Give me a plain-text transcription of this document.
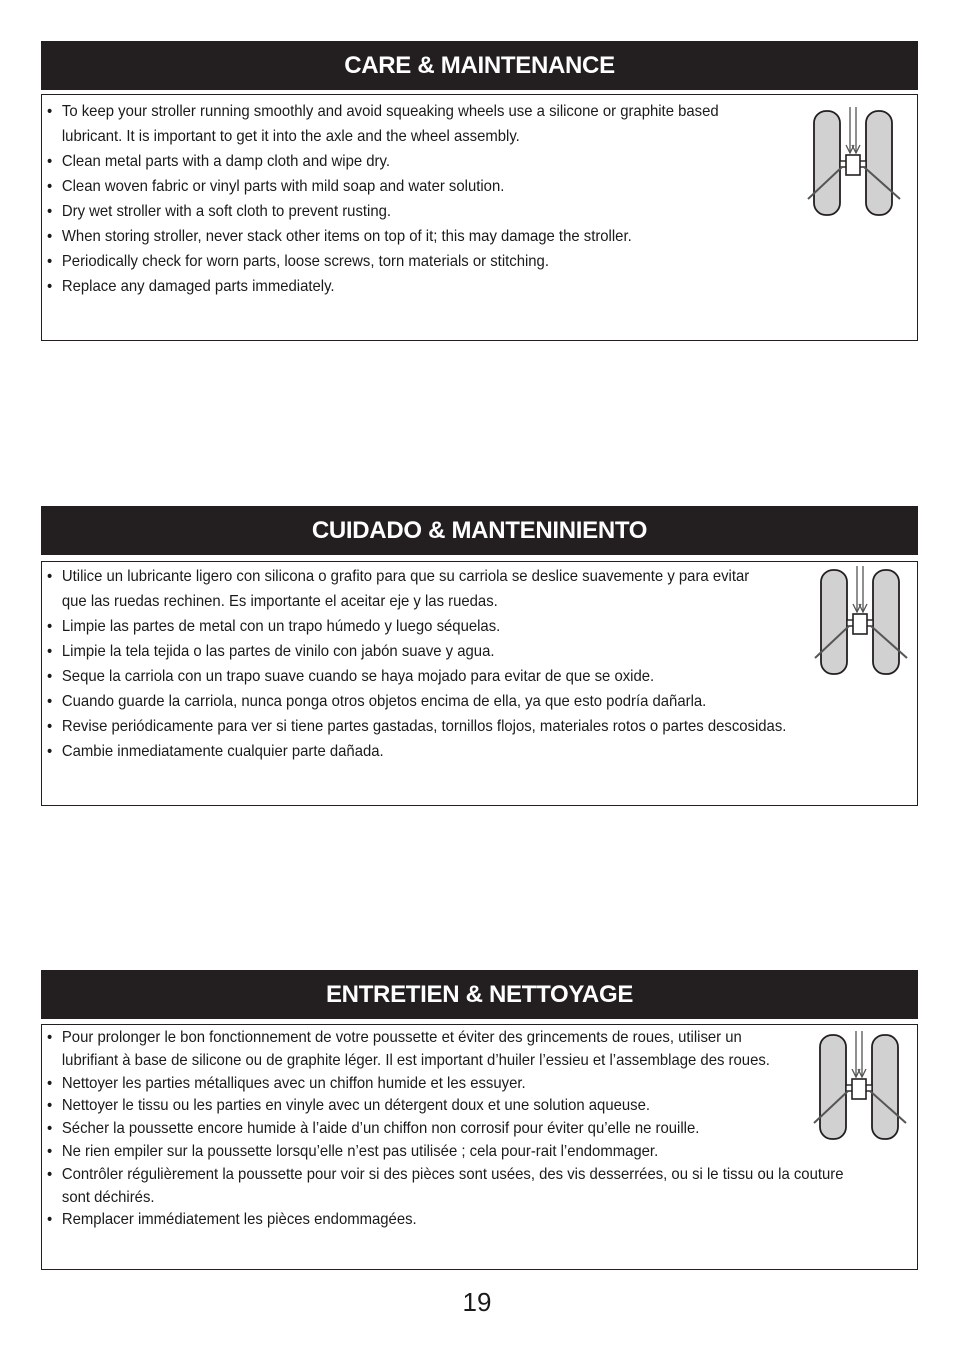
CARE & MAINTENANCE
• To keep your stroller running smoothly and avoid squeaking wheels use a silicone or graphite based lubricant. It is important to get it into the axle and the wheel assembly.
• Clean metal parts with a damp cloth and wipe dry.
• Clean woven fabric or vinyl parts with mild soap and water solution.
• Dry wet stroller with a soft cloth to prevent rusting.
• When storing stroller, never stack other items on top of it; this may damage the stroller.
• Periodically check for worn parts, loose screws, torn materials or stitching.
• Replace any damaged parts immediately.
CUIDADO & MANTENINIENTO
• Utilice un lubricante ligero con silicona o grafito para que su carriola se deslice suavemente y para evitar que las ruedas rechinen. Es importante el aceitar eje y las ruedas.
• Limpie las partes de metal con un trapo húmedo y luego séquelas.
• Limpie la tela tejida o las partes de vinilo con jabón suave y agua.
• Seque la carriola con un trapo suave cuando se haya mojado para evitar de que se oxide.
• Cuando guarde la carriola, nunca ponga otros objetos encima de ella, ya que esto podría dañarla.
• Revise periódicamente para ver si tiene partes gastadas, tornillos flojos, materiales rotos o partes descosidas.
• Cambie inmediatamente cualquier parte dañada.
ENTRETIEN & NETTOYAGE
• Pour prolonger le bon fonctionnement de votre poussette et éviter des grincements de roues, utiliser un lubrifiant à base de silicone ou de graphite léger. Il est important d’huiler l’essieu et l’assemblage des roues.
• Nettoyer les parties métalliques avec un chiffon humide et les essuyer.
• Nettoyer le tissu ou les parties en vinyle avec un détergent doux et une solution aqueuse.
• Sécher la poussette encore humide à l’aide d’un chiffon non corrosif pour éviter qu’elle ne rouille.
• Ne rien empiler sur la poussette lorsqu’elle n’est pas utilisée ; cela pour-rait l’endommager.
• Contrôler régulièrement la poussette pour voir si des pièces sont usées, des vis desserrées, ou si le tissu ou la couture sont déchirés.
• Remplacer immédiatement les pièces endommagées.
19
